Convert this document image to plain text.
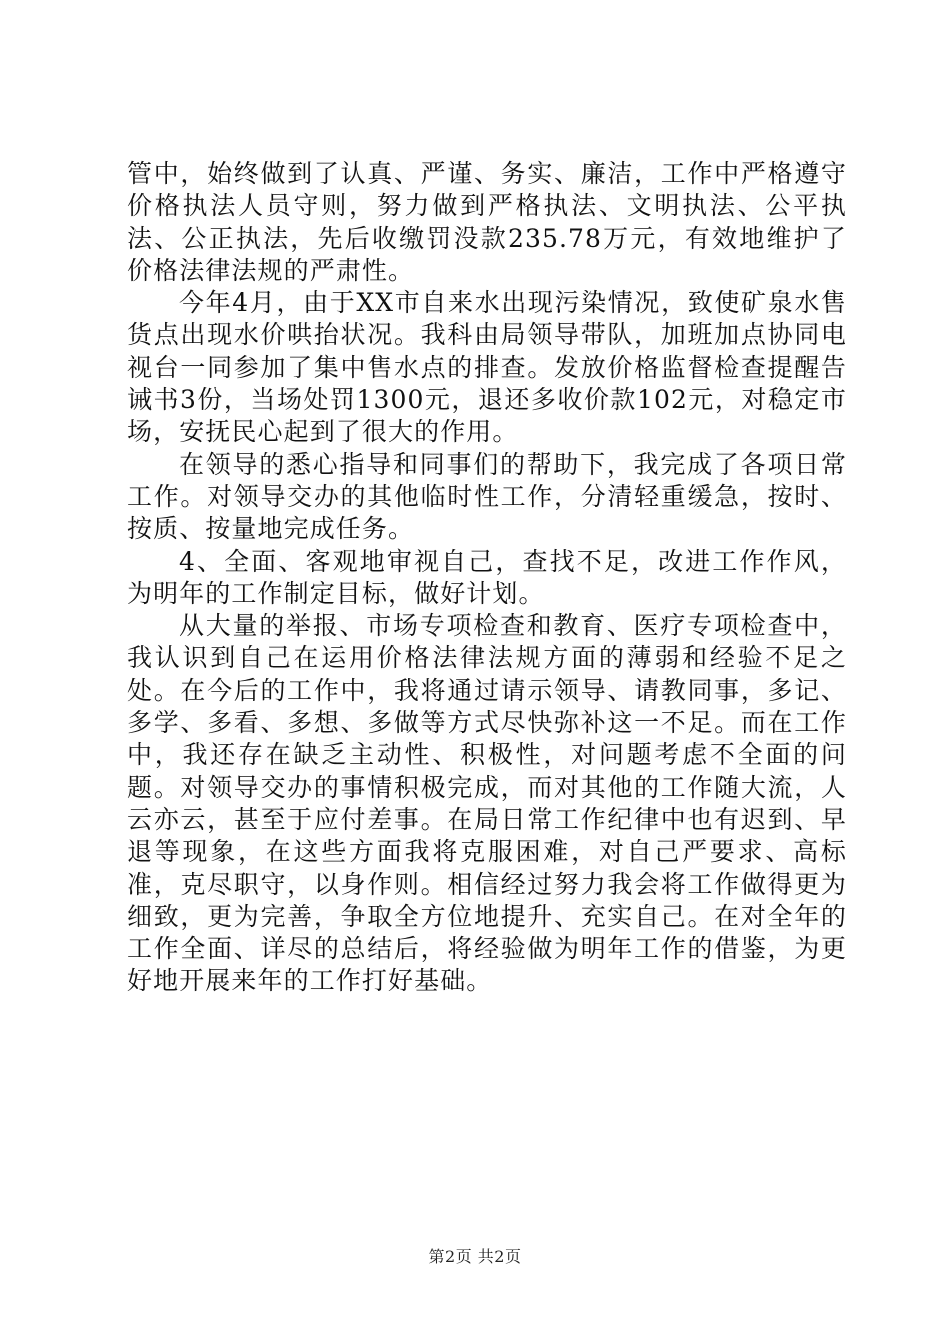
管中，始终做到了认真、严谨、务实、廉洁，工作中严格遵守价格执法人员守则，努力做到严格执法、文明执法、公平执法、公正执法，先后收缴罚没款235.78万元，有效地维护了价格法律法规的严肃性。

今年4月，由于XX市自来水出现污染情况，致使矿泉水售货点出现水价哄抬状况。我科由局领导带队，加班加点协同电视台一同参加了集中售水点的排查。发放价格监督检查提醒告诫书3份，当场处罚1300元，退还多收价款102元，对稳定市场，安抚民心起到了很大的作用。

在领导的悉心指导和同事们的帮助下，我完成了各项日常工作。对领导交办的其他临时性工作，分清轻重缓急，按时、按质、按量地完成任务。

4、全面、客观地审视自己，查找不足，改进工作作风，为明年的工作制定目标，做好计划。

从大量的举报、市场专项检查和教育、医疗专项检查中，我认识到自己在运用价格法律法规方面的薄弱和经验不足之处。在今后的工作中，我将通过请示领导、请教同事，多记、多学、多看、多想、多做等方式尽快弥补这一不足。而在工作中，我还存在缺乏主动性、积极性，对问题考虑不全面的问题。对领导交办的事情积极完成，而对其他的工作随大流，人云亦云，甚至于应付差事。在局日常工作纪律中也有迟到、早退等现象，在这些方面我将克服困难，对自己严要求、高标准，克尽职守，以身作则。相信经过努力我会将工作做得更为细致，更为完善，争取全方位地提升、充实自己。在对全年的工作全面、详尽的总结后，将经验做为明年工作的借鉴，为更好地开展来年的工作打好基础。

第2页 共2页
